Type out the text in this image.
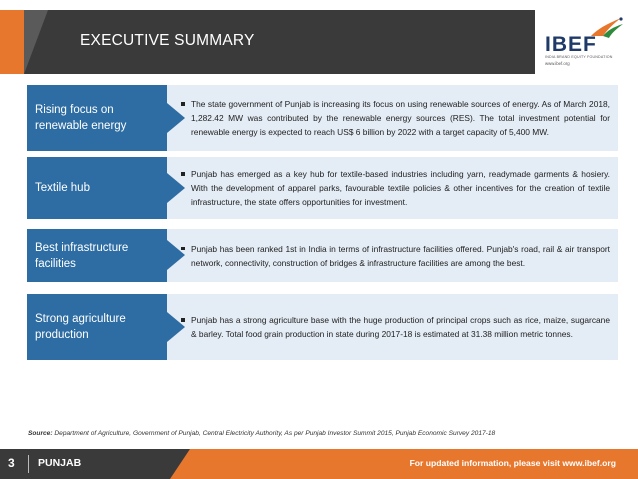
EXECUTIVE SUMMARY	IBEF
INDIA BRAND EQUITY FOUNDATION
www.ibef.org
The state government of Punjab is increasing its focus on using renewable sources of energy. As of March 2018, 1,282.42 MW was contributed by the renewable energy sources (RES). The total investment potential for renewable energy is expected to reach US$ 6 billion by 2022 with a target capacity of 5,400 MW.
Rising focus on renewable energy
Punjab has emerged as a key hub for textile-based industries including yarn, readymade garments & hosiery. With the development of apparel parks, favourable textile policies & other incentives for the creation of textile infrastructure, the state offers opportunities for investment.
Textile hub
Punjab has been ranked 1st in India in terms of infrastructure facilities offered. Punjab's road, rail & air transport network, connectivity, construction of bridges & infrastructure facilities are among the best.
Best infrastructure facilities
Punjab has a strong agriculture base with the huge production of principal crops such as rice, maize, sugarcane & barley. Total food grain production in state during 2017-18 is estimated at 31.38 million metric tonnes.
Strong agriculture production
Source: Department of Agriculture, Government of Punjab, Central Electricity Authority, As per Punjab Investor Summit 2015, Punjab Economic Survey 2017-18
3 PUNJAB	For updated information, please visit www.ibef.org
